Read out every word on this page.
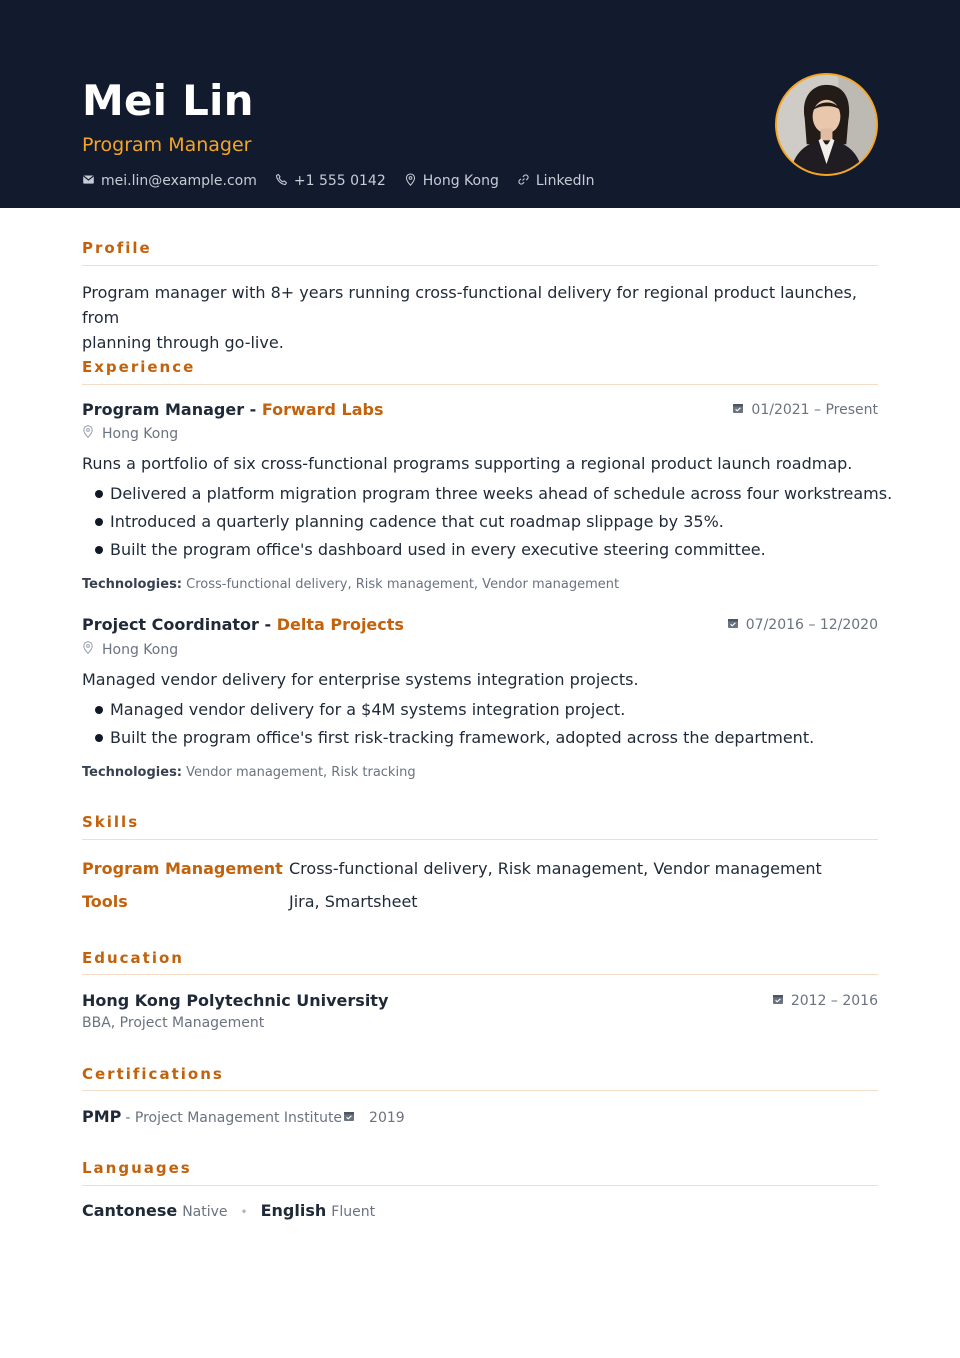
Mei Lin
Program Manager
mei.lin@example.com	+1 555 0142	Hong Kong	LinkedIn
Profile
Program manager with 8+ years running cross-functional delivery for regional product launches, from
planning through go-live.
Experience
Program Manager - Forward Labs	01/2021 – Present
Hong Kong
Runs a portfolio of six cross-functional programs supporting a regional product launch roadmap.
Delivered a platform migration program three weeks ahead of schedule across four workstreams.
Introduced a quarterly planning cadence that cut roadmap slippage by 35%.
Built the program office's dashboard used in every executive steering committee.
Technologies: Cross-functional delivery, Risk management, Vendor management
Project Coordinator - Delta Projects	07/2016 – 12/2020
Hong Kong
Managed vendor delivery for enterprise systems integration projects.
Managed vendor delivery for a $4M systems integration project.
Built the program office's first risk-tracking framework, adopted across the department.
Technologies: Vendor management, Risk tracking
Skills
Program Management Cross-functional delivery, Risk management, Vendor management
Tools	Jira, Smartsheet
Education
Hong Kong Polytechnic University	2012 – 2016
BBA, Project Management
Certifications
PMP - Project Management Institute 2019
Languages
Cantonese Native • English Fluent
